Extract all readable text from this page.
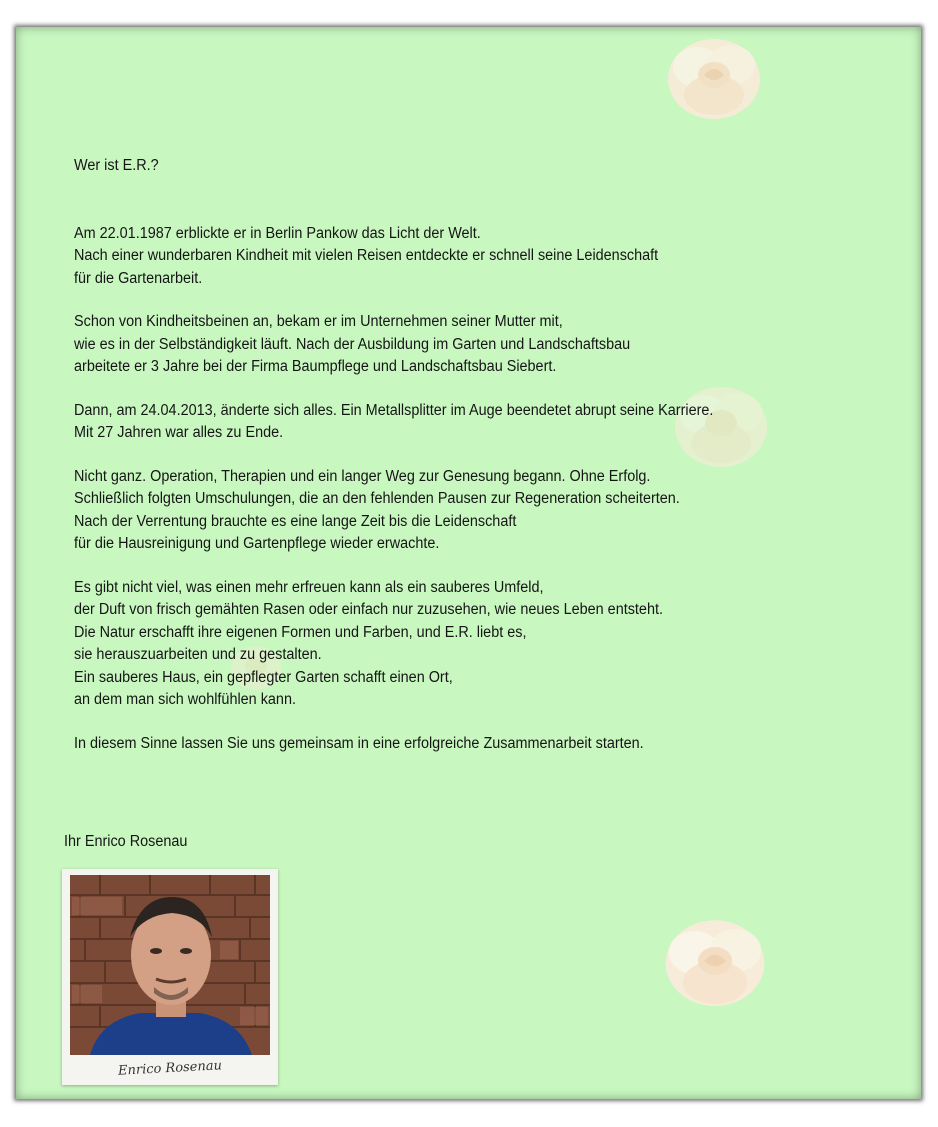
Wer ist E.R.?
Am 22.01.1987 erblickte er in Berlin Pankow das Licht der Welt.
Nach einer wunderbaren Kindheit mit vielen Reisen entdeckte er schnell seine Leidenschaft
für die Gartenarbeit.
Schon von Kindheitsbeinen an, bekam er im Unternehmen seiner Mutter mit,
wie es in der Selbständigkeit läuft. Nach der Ausbildung im Garten und Landschaftsbau
arbeitete er 3 Jahre bei der Firma Baumpflege und Landschaftsbau Siebert.
Dann, am 24.04.2013, änderte sich alles. Ein Metallsplitter im Auge beendetet abrupt seine Karriere.
Mit 27 Jahren war alles zu Ende.
Nicht ganz. Operation, Therapien und ein langer Weg zur Genesung begann. Ohne Erfolg.
Schließlich folgten Umschulungen, die an den fehlenden Pausen zur Regeneration scheiterten.
Nach der Verrentung brauchte es eine lange Zeit bis die Leidenschaft
für die Hausreinigung und Gartenpflege wieder erwachte.
Es gibt nicht viel, was einen mehr erfreuen kann als ein sauberes Umfeld,
der Duft von frisch gemähten Rasen oder einfach nur zuzusehen, wie neues Leben entsteht.
Die Natur erschafft ihre eigenen Formen und Farben, und E.R. liebt es,
sie herauszuarbeiten und zu gestalten.
Ein sauberes Haus, ein gepflegter Garten schafft einen Ort,
an dem man sich wohlfühlen kann.
In diesem Sinne lassen Sie uns gemeinsam in eine erfolgreiche Zusammenarbeit starten.
Ihr Enrico Rosenau
Enrico Rosenau
